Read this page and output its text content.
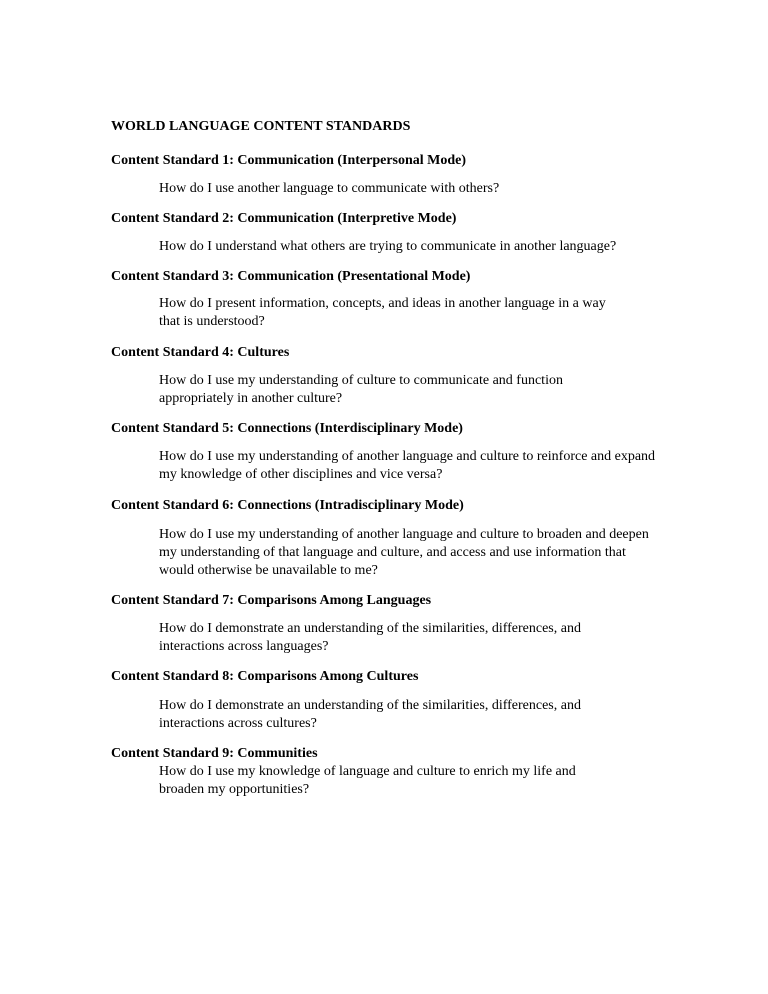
WORLD LANGUAGE CONTENT STANDARDS
Content Standard 1: Communication (Interpersonal Mode)
How do I use another language to communicate with others?
Content Standard 2: Communication (Interpretive Mode)
How do I understand what others are trying to communicate in another language?
Content Standard 3: Communication (Presentational Mode)
How do I present information, concepts, and ideas in another language in a way that is understood?
Content Standard 4: Cultures
How do I use my understanding of culture to communicate and function appropriately in another culture?
Content Standard 5: Connections (Interdisciplinary Mode)
How do I use my understanding of another language and culture to reinforce and expand my knowledge of other disciplines and vice versa?
Content Standard 6: Connections (Intradisciplinary Mode)
How do I use my understanding of another language and culture to broaden and deepen my understanding of that language and culture, and access and use information that would otherwise be unavailable to me?
Content Standard 7: Comparisons Among Languages
How do I demonstrate an understanding of the similarities, differences, and interactions across languages?
Content Standard 8: Comparisons Among Cultures
How do I demonstrate an understanding of the similarities, differences, and interactions across cultures?
Content Standard 9: Communities
How do I use my knowledge of language and culture to enrich my life and broaden my opportunities?
